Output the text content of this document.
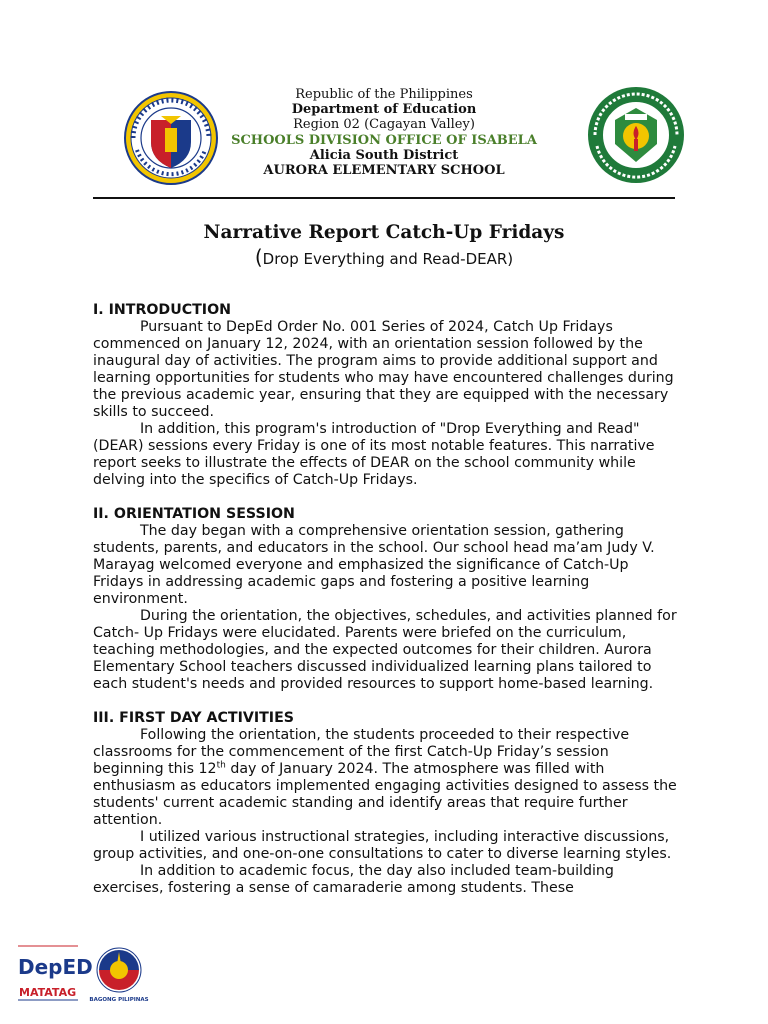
Republic of the Philippines
Department of Education
Region 02 (Cagayan Valley)
SCHOOLS DIVISION OFFICE OF ISABELA
Alicia South District
AURORA ELEMENTARY SCHOOL
Narrative Report Catch-Up Fridays
(Drop Everything and Read-DEAR)
I. INTRODUCTION

Pursuant to DepEd Order No. 001 Series of 2024, Catch Up Fridays commenced on January 12, 2024, with an orientation session followed by the inaugural day of activities. The program aims to provide additional support and learning opportunities for students who may have encountered challenges during the previous academic year, ensuring that they are equipped with the necessary skills to succeed.

In addition, this program's introduction of "Drop Everything and Read" (DEAR) sessions every Friday is one of its most notable features. This narrative report seeks to illustrate the effects of DEAR on the school community while delving into the specifics of Catch-Up Fridays.

II. ORIENTATION SESSION

The day began with a comprehensive orientation session, gathering students, parents, and educators in the school. Our school head ma’am Judy V. Marayag welcomed everyone and emphasized the significance of Catch-Up Fridays in addressing academic gaps and fostering a positive learning environment.

During the orientation, the objectives, schedules, and activities planned for Catch- Up Fridays were elucidated. Parents were briefed on the curriculum, teaching methodologies, and the expected outcomes for their children. Aurora Elementary School teachers discussed individualized learning plans tailored to each student's needs and provided resources to support home-based learning.

III. FIRST DAY ACTIVITIES

Following the orientation, the students proceeded to their respective classrooms for the commencement of the first Catch-Up Friday’s session beginning this 12th day of January 2024. The atmosphere was filled with enthusiasm as educators implemented engaging activities designed to assess the students' current academic standing and identify areas that require further attention.

I utilized various instructional strategies, including interactive discussions, group activities, and one-on-one consultations to cater to diverse learning styles.

In addition to academic focus, the day also included team-building exercises, fostering a sense of camaraderie among students. These

DepED
MATATAG
BAGONG PILIPINAS
